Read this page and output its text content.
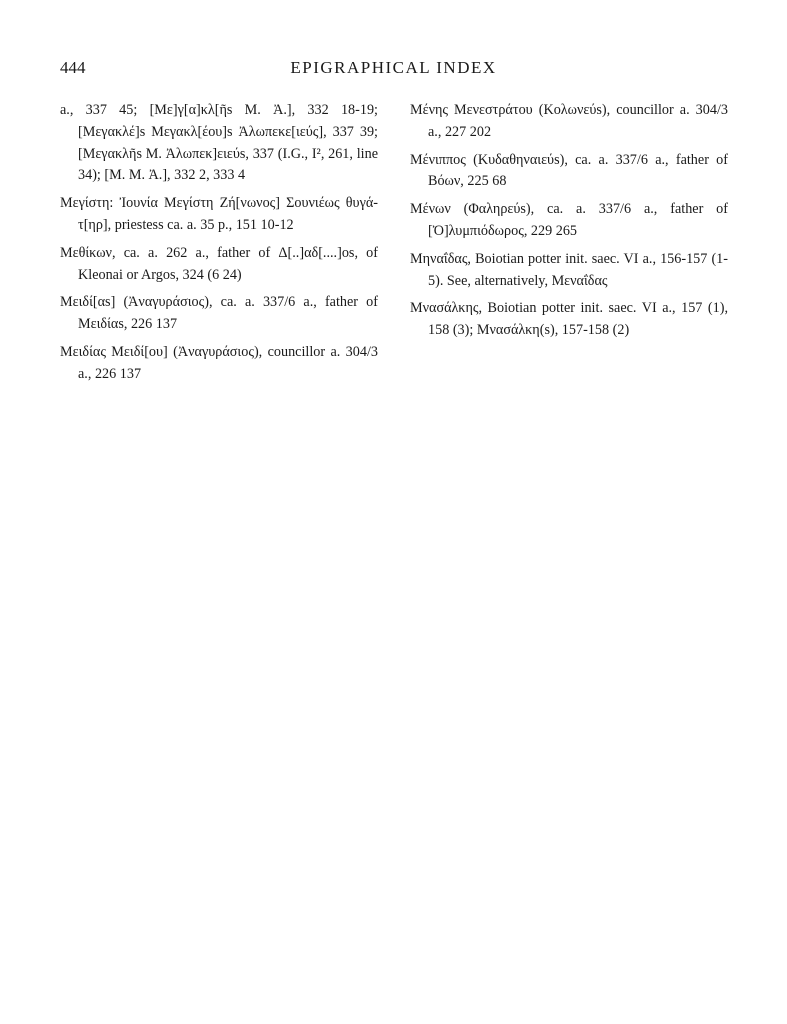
444	EPIGRAPHICAL INDEX

a., 337 45; [Με]γ[α]κλ[ῆs Μ. Ἀ.], 332 18-19; [Μεγακλέ]s Μεγακλ[έου]s Ἀλωπεκε[ιεύς], 337 39; [Μεγακλῆs Μ. Ἀλωπεκ]ειεύs, 337 (I.G., I², 261, line 34); [Μ. Μ. Ἀ.], 332 2, 333 4

Μεγίστη: Ἰουνία Μεγίστη Ζή[νωνος] Σουνιέως θυγά-τ[ηρ], priestess ca. a. 35 p., 151 10-12

Μεθίκων, ca. a. 262 a., father of Δ[..]αδ[....]os, of Kleonai or Argos, 324 (6 24)

Μειδί[αs] (Ἀναγυράσιος), ca. a. 337/6 a., father of Μειδίαs, 226 137

Μειδίας Μειδί[ου] (Ἀναγυράσιος), councillor a. 304/3 a., 226 137

Μένης Μενεστράτου (Κολωνεύs), councillor a. 304/3 a., 227 202

Μένιππος (Κυδαθηναιεύs), ca. a. 337/6 a., father of Βόων, 225 68

Μένων (Φαληρεύs), ca. a. 337/6 a., father of [Ὀ]λυμπιόδωρος, 229 265

Μηναΐδας, Boiotian potter init. saec. VI a., 156-157 (1-5). See, alternatively, Μεναΐδας

Μνασάλκης, Boiotian potter init. saec. VI a., 157 (1), 158 (3); Μνασάλκη(s), 157-158 (2)
